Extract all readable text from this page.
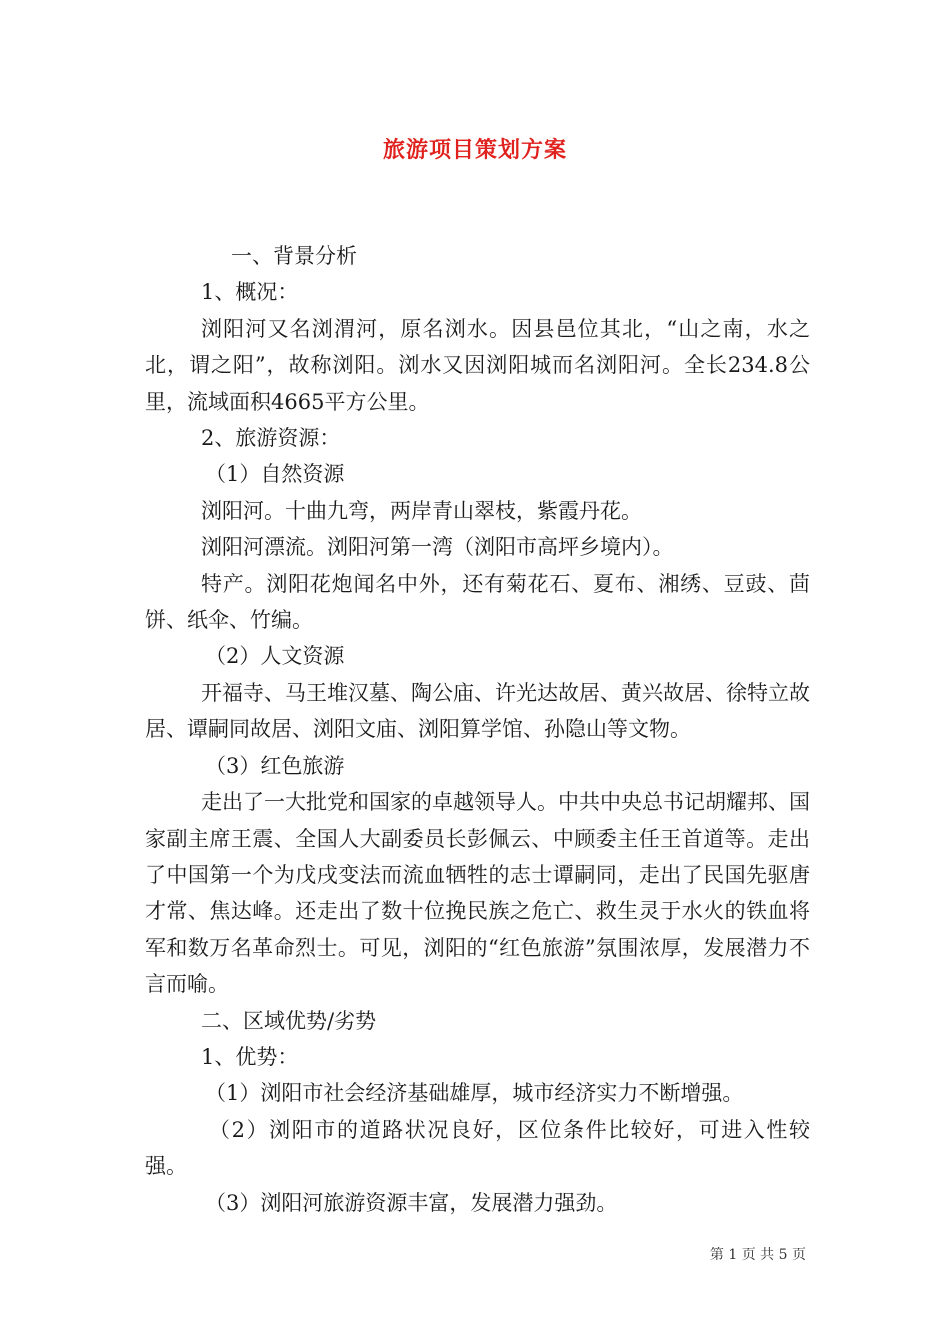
旅游项目策划方案

一、背景分析

1、概况：

浏阳河又名浏渭河，原名浏水。因县邑位其北，“山之南，水之北，谓之阳”，故称浏阳。浏水又因浏阳城而名浏阳河。全长234.8公里，流域面积4665平方公里。

2、旅游资源：

（1）自然资源

浏阳河。十曲九弯，两岸青山翠枝，紫霞丹花。

浏阳河漂流。浏阳河第一湾（浏阳市高坪乡境内）。

特产。浏阳花炮闻名中外，还有菊花石、夏布、湘绣、豆豉、茴饼、纸伞、竹编。

（2）人文资源

开福寺、马王堆汉墓、陶公庙、许光达故居、黄兴故居、徐特立故居、谭嗣同故居、浏阳文庙、浏阳算学馆、孙隐山等文物。

（3）红色旅游

走出了一大批党和国家的卓越领导人。中共中央总书记胡耀邦、国家副主席王震、全国人大副委员长彭佩云、中顾委主任王首道等。走出了中国第一个为戊戌变法而流血牺牲的志士谭嗣同，走出了民国先驱唐才常、焦达峰。还走出了数十位挽民族之危亡、救生灵于水火的铁血将军和数万名革命烈士。可见，浏阳的“红色旅游”氛围浓厚，发展潜力不言而喻。

二、区域优势/劣势

1、优势：

（1）浏阳市社会经济基础雄厚，城市经济实力不断增强。

（2）浏阳市的道路状况良好，区位条件比较好，可进入性较强。

（3）浏阳河旅游资源丰富，发展潜力强劲。

第 1 页 共 5 页
